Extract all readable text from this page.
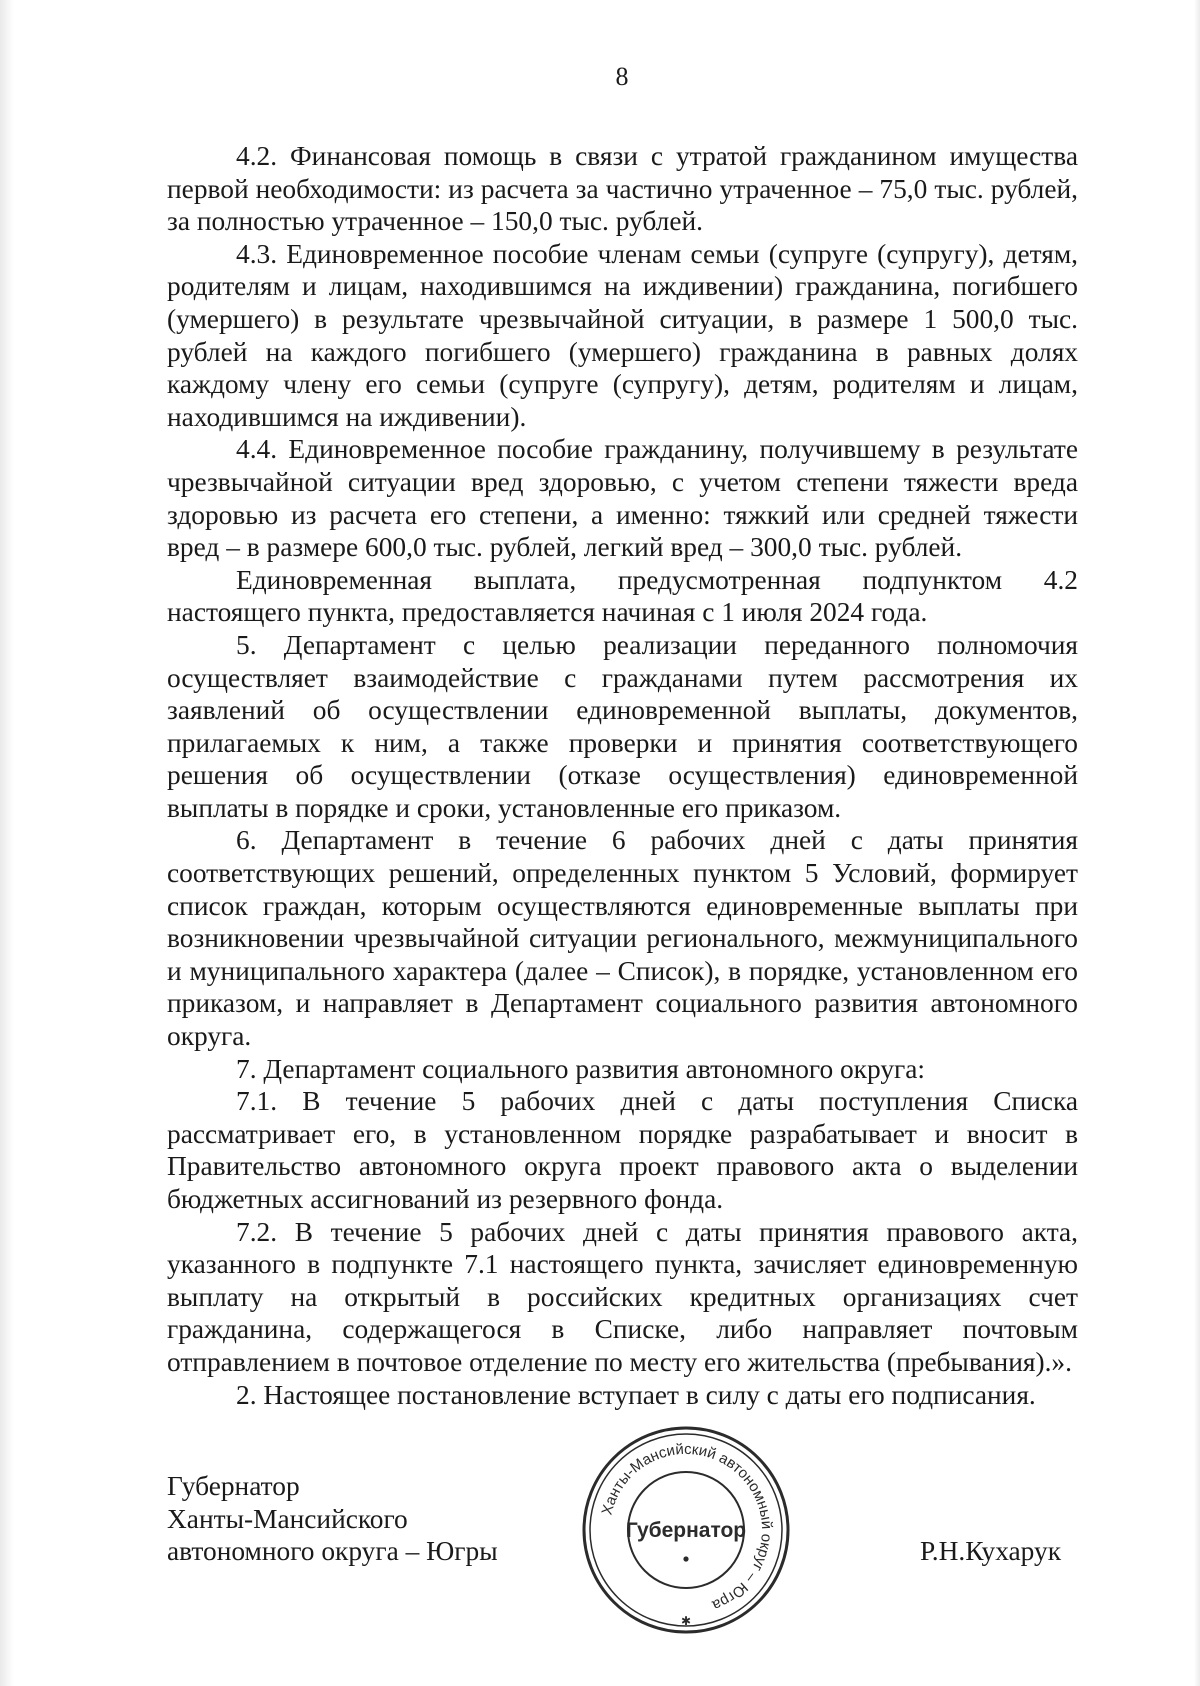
8

4.2. Финансовая помощь в связи с утратой гражданином имущества первой необходимости: из расчета за частично утраченное – 75,0 тыс. рублей, за полностью утраченное – 150,0 тыс. рублей.

4.3. Единовременное пособие членам семьи (супруге (супругу), детям, родителям и лицам, находившимся на иждивении) гражданина, погибшего (умершего) в результате чрезвычайной ситуации, в размере 1 500,0 тыс. рублей на каждого погибшего (умершего) гражданина в равных долях каждому члену его семьи (супруге (супругу), детям, родителям и лицам, находившимся на иждивении).

4.4. Единовременное пособие гражданину, получившему в результате чрезвычайной ситуации вред здоровью, с учетом степени тяжести вреда здоровью из расчета его степени, а именно: тяжкий или средней тяжести вред – в размере 600,0 тыс. рублей, легкий вред – 300,0 тыс. рублей.

Единовременная выплата, предусмотренная подпунктом 4.2 настоящего пункта, предоставляется начиная с 1 июля 2024 года.

5. Департамент с целью реализации переданного полномочия осуществляет взаимодействие с гражданами путем рассмотрения их заявлений об осуществлении единовременной выплаты, документов, прилагаемых к ним, а также проверки и принятия соответствующего решения об осуществлении (отказе осуществления) единовременной выплаты в порядке и сроки, установленные его приказом.

6. Департамент в течение 6 рабочих дней с даты принятия соответствующих решений, определенных пунктом 5 Условий, формирует список граждан, которым осуществляются единовременные выплаты при возникновении чрезвычайной ситуации регионального, межмуниципального и муниципального характера (далее – Список), в порядке, установленном его приказом, и направляет в Департамент социального развития автономного округа.

7. Департамент социального развития автономного округа:

7.1. В течение 5 рабочих дней с даты поступления Списка рассматривает его, в установленном порядке разрабатывает и вносит в Правительство автономного округа проект правового акта о выделении бюджетных ассигнований из резервного фонда.

7.2. В течение 5 рабочих дней с даты принятия правового акта, указанного в подпункте 7.1 настоящего пункта, зачисляет единовременную выплату на открытый в российских кредитных организациях счет гражданина, содержащегося в Списке, либо направляет почтовым отправлением в почтовое отделение по месту его жительства (пребывания).».

2. Настоящее постановление вступает в силу с даты его подписания.

Губернатор
Ханты-Мансийского
автономного округа – Югры
Ханты-Мансийский автономный округ – Югра
Губернатор
✱
Р.Н.Кухарук
